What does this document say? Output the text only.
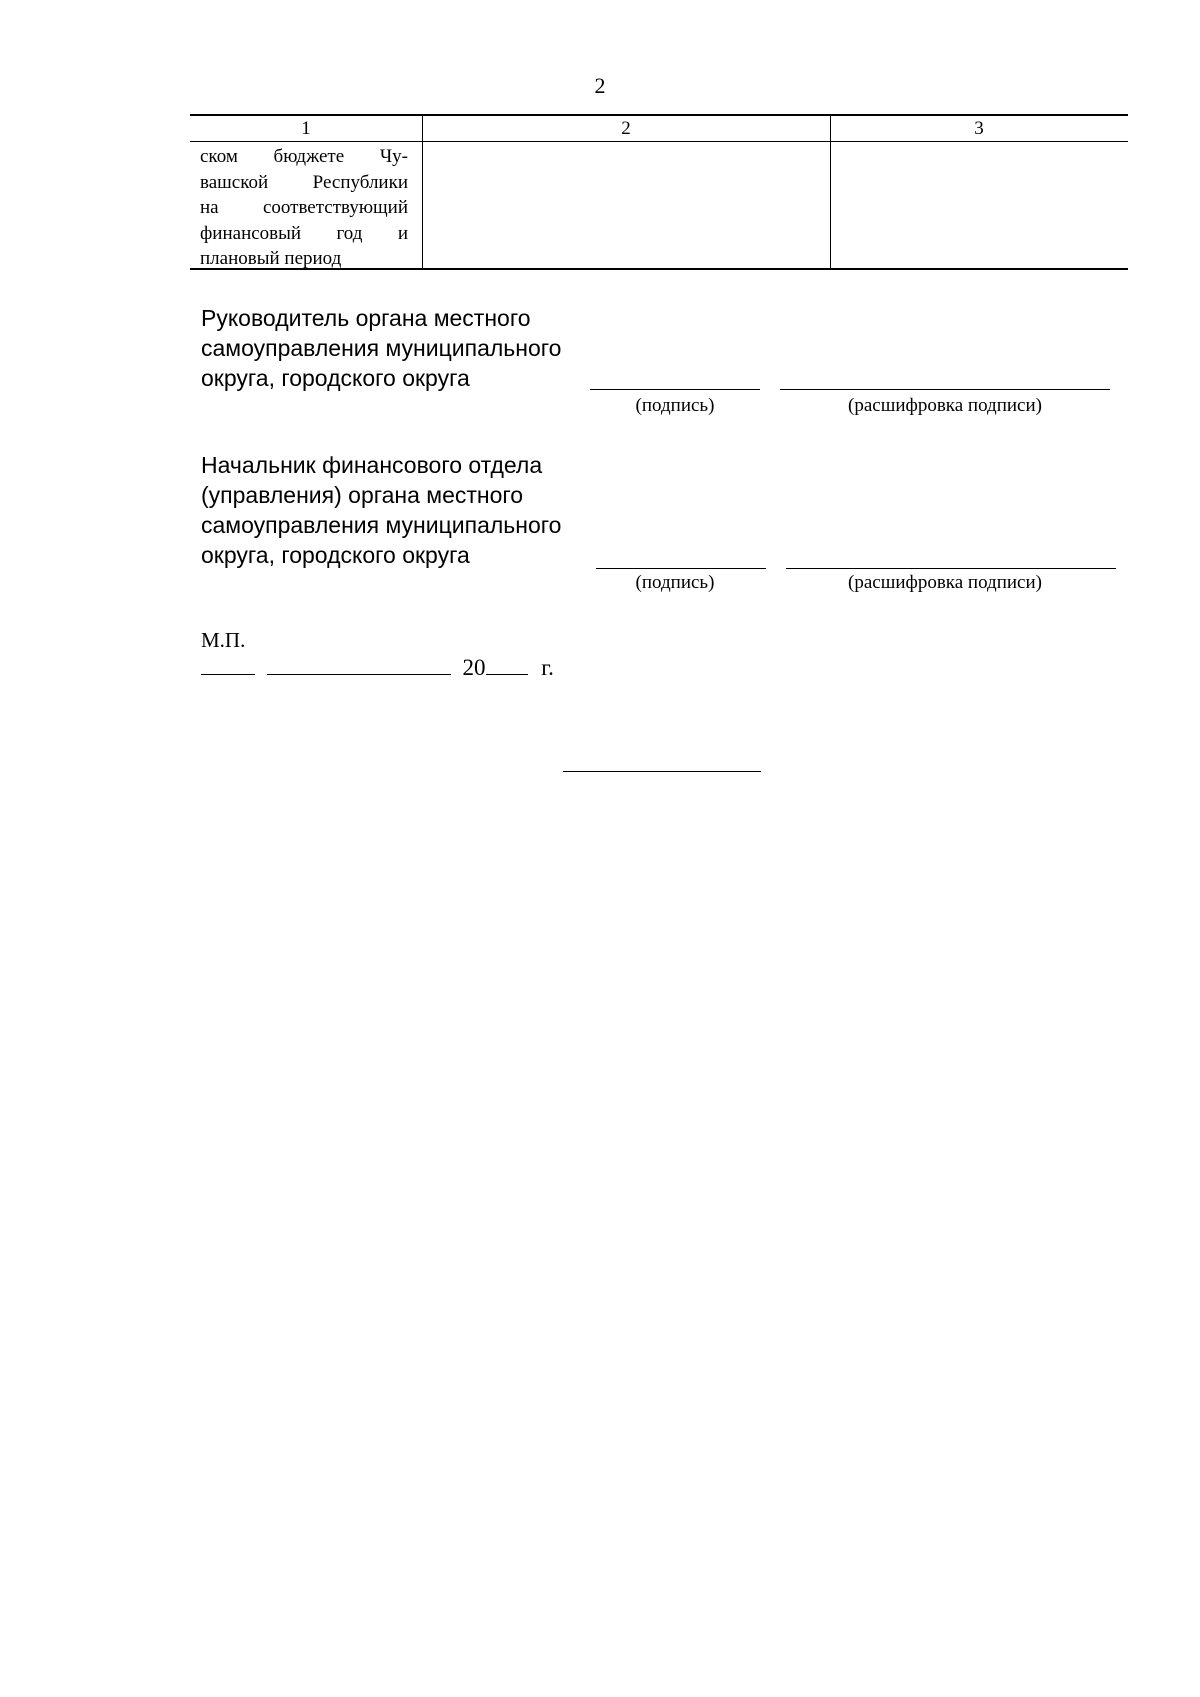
2
1	2	3
ском бюджете Чу-
вашской Республики
на соответствующий
финансовый год и
плановый период
Руководитель органа местного
самоуправления муниципального
округа, городского округа
(подпись)	(расшифровка подписи)
Начальник финансового отдела
(управления) органа местного
самоуправления муниципального
округа, городского округа
(подпись)	(расшифровка подписи)
М.П.
20 г.
